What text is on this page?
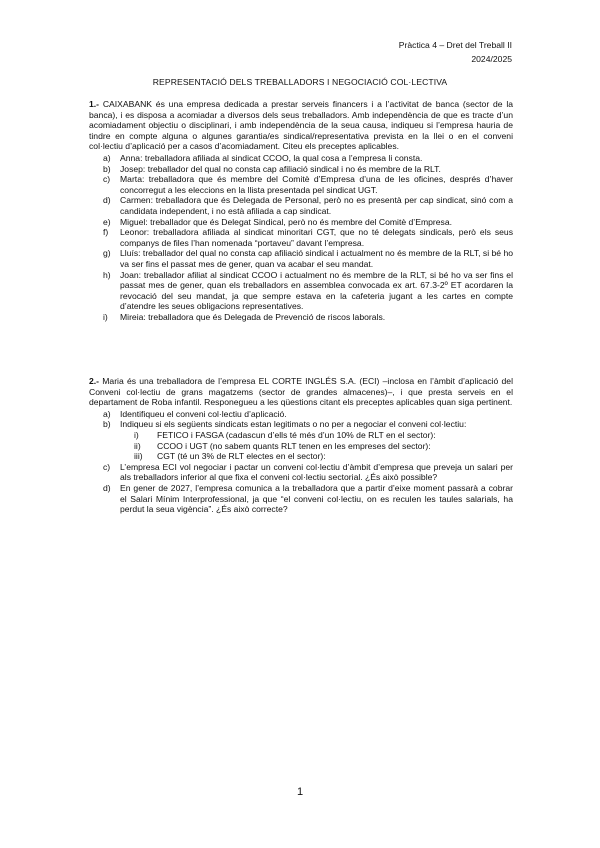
Pràctica 4 – Dret del Treball II
2024/2025
REPRESENTACIÓ DELS TREBALLADORS I NEGOCIACIÓ COL·LECTIVA

1.- CAIXABANK és una empresa dedicada a prestar serveis financers i a l’activitat de banca (sector de la banca), i es disposa a acomiadar a diversos dels seus treballadors. Amb independència de que es tracte d’un acomiadament objectiu o disciplinari, i amb independència de la seua causa, indiqueu si l’empresa hauria de tindre en compte alguna o algunes garantia/es sindical/representativa prevista en la llei o en el conveni col·lectiu d’aplicació per a casos d’acomiadament. Citeu els preceptes aplicables.

a) Anna: treballadora afiliada al sindicat CCOO, la qual cosa a l’empresa li consta.
b) Josep: treballador del qual no consta cap afiliació sindical i no és membre de la RLT.
c) Marta: treballadora que és membre del Comitè d’Empresa d’una de les oficines, després d’haver concorregut a les eleccions en la llista presentada pel sindicat UGT.
d) Carmen: treballadora que és Delegada de Personal, però no es presentà per cap sindicat, sinó com a candidata independent, i no està afiliada a cap sindicat.
e) Miguel: treballador que és Delegat Sindical, però no és membre del Comitè d’Empresa.
f) Leonor: treballadora afiliada al sindicat minoritari CGT, que no té delegats sindicals, però els seus companys de files l’han nomenada “portaveu” davant l’empresa.
g) Lluís: treballador del qual no consta cap afiliació sindical i actualment no és membre de la RLT, si bé ho va ser fins el passat mes de gener, quan va acabar el seu mandat.
h) Joan: treballador afiliat al sindicat CCOO i actualment no és membre de la RLT, si bé ho va ser fins el passat mes de gener, quan els treballadors en assemblea convocada ex art. 67.3-2º ET acordaren la revocació del seu mandat, ja que sempre estava en la cafeteria jugant a les cartes en compte d’atendre les seues obligacions representatives.
i) Mireia: treballadora que és Delegada de Prevenció de riscos laborals.

2.- Maria és una treballadora de l’empresa EL CORTE INGLÉS S.A. (ECI) –inclosa en l’àmbit d’aplicació del Conveni col·lectiu de grans magatzems (sector de grandes almacenes)–, i que presta serveis en el departament de Roba infantil. Responegueu a les qüestions citant els preceptes aplicables quan siga pertinent.

a) Identifiqueu el conveni col·lectiu d’aplicació.
b) Indiqueu si els següents sindicats estan legitimats o no per a negociar el conveni col·lectiu:
i) FETICO i FASGA (cadascun d’ells té més d’un 10% de RLT en el sector):
ii) CCOO i UGT (no sabem quants RLT tenen en les empreses del sector):
iii) CGT (té un 3% de RLT electes en el sector):
c) L’empresa ECI vol negociar i pactar un conveni col·lectiu d’àmbit d’empresa que preveja un salari per als treballadors inferior al que fixa el conveni col·lectiu sectorial. ¿És això possible?
d) En gener de 2027, l’empresa comunica a la treballadora que a partir d’eixe moment passarà a cobrar el Salari Mínim Interprofessional, ja que “el conveni col·lectiu, on es reculen les taules salarials, ha perdut la seua vigència”. ¿És això correcte?
1
